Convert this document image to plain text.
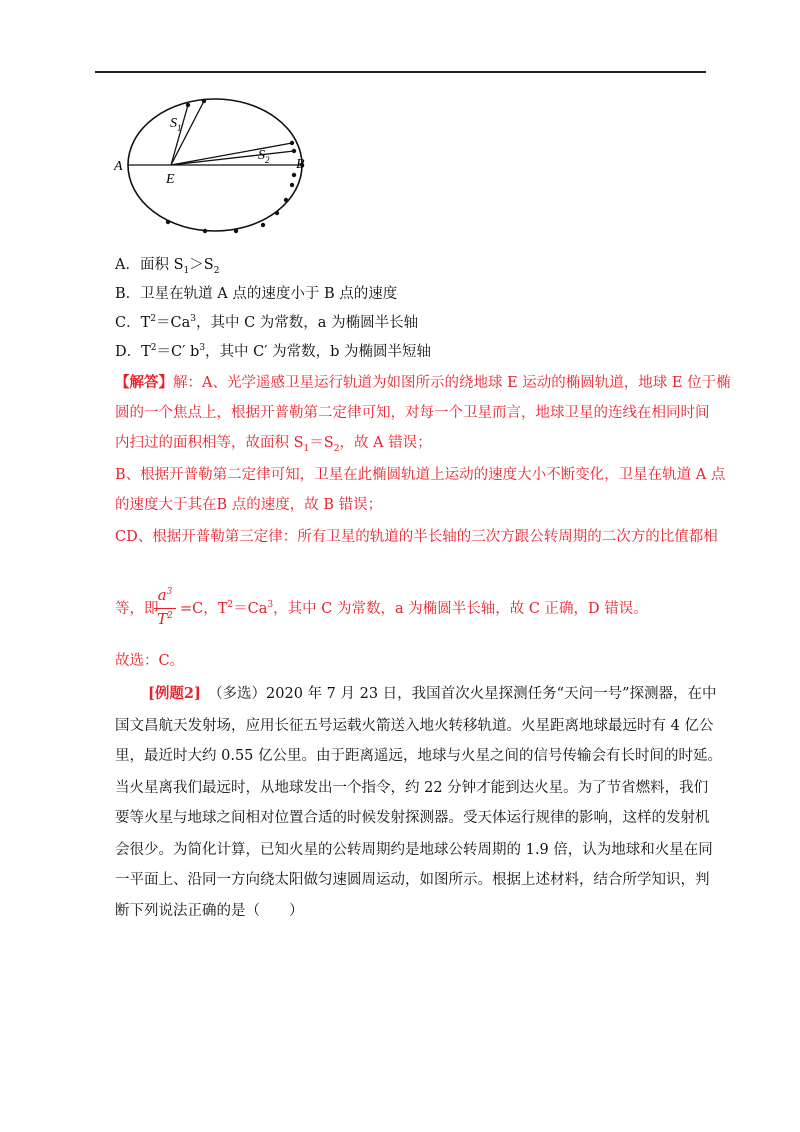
$S_1$
$S_2$
A	B
E
A．面积 $S_1>S_2$
B．卫星在轨道 A 点的速度小于 B 点的速度
C．$T^2=Ca^3$，其中 C 为常数，a 为椭圆半长轴
D．$T^2=C'$ $b^3$，其中 C′ 为常数，b 为椭圆半短轴
【解答】解：A、光学遥感卫星运行轨道为如图所示的绕地球 E 运动的椭圆轨道，地球 E 位于椭
圆的一个焦点上，根据开普勒第二定律可知，对每一个卫星而言，地球卫星的连线在相同时间
内扫过的面积相等，故面积 $S_1=S_2$，故 A 错误；
B、根据开普勒第二定律可知，卫星在此椭圆轨道上运动的速度大小不断变化，卫星在轨道 A 点
的速度大于其在B 点的速度，故 B 错误；
CD、根据开普勒第三定律：所有卫星的轨道的半长轴的三次方跟公转周期的二次方的比值都相
等，即
$a^3$
$T^2 =C$，$T^2=Ca^3$，其中 C 为常数，a 为椭圆半长轴，故 C 正确，D 错误。
故选：C。
[例题2]　 （多选）2020 年 7 月 23 日，我国首次火星探测任务“天问一号”探测器，在中
国文昌航天发射场，应用长征五号运载火箭送入地火转移轨道。火星距离地球最远时有 4 亿公
里，最近时大约 0.55 亿公里。由于距离遥远，地球与火星之间的信号传输会有长时间的时延。
当火星离我们最远时，从地球发出一个指令，约 22 分钟才能到达火星。为了节省燃料，我们
要等火星与地球之间相对位置合适的时候发射探测器。受天体运行规律的影响，这样的发射机
会很少。为简化计算，已知火星的公转周期约是地球公转周期的 1.9 倍，认为地球和火星在同
一平面上、沿同一方向绕太阳做匀速圆周运动，如图所示。根据上述材料，结合所学知识，判
断下列说法正确的是（　　）
